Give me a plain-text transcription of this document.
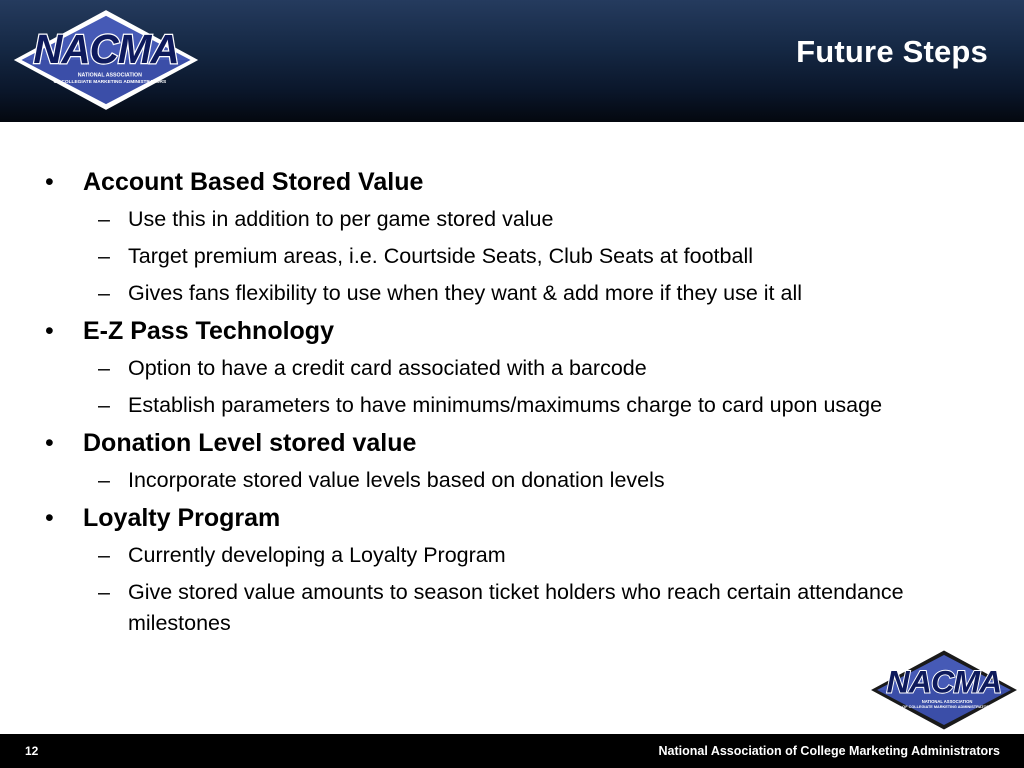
NACMA
NATIONAL ASSOCIATION
OF COLLEGIATE MARKETING ADMINISTRATORS
Future Steps
• Account Based Stored Value
– Use this in addition to per game stored value
– Target premium areas, i.e. Courtside Seats, Club Seats at football
– Gives fans flexibility to use when they want & add more if they use it all
• E-Z Pass Technology
– Option to have a credit card associated with a barcode
– Establish parameters to have minimums/maximums charge to card upon usage
• Donation Level stored value
– Incorporate stored value levels based on donation levels
• Loyalty Program
– Currently developing a Loyalty Program
– Give stored value amounts to season ticket holders who reach certain attendance milestones
NACMA
NATIONAL ASSOCIATION
OF COLLEGIATE MARKETING ADMINISTRATORS
12	National Association of College Marketing Administrators
